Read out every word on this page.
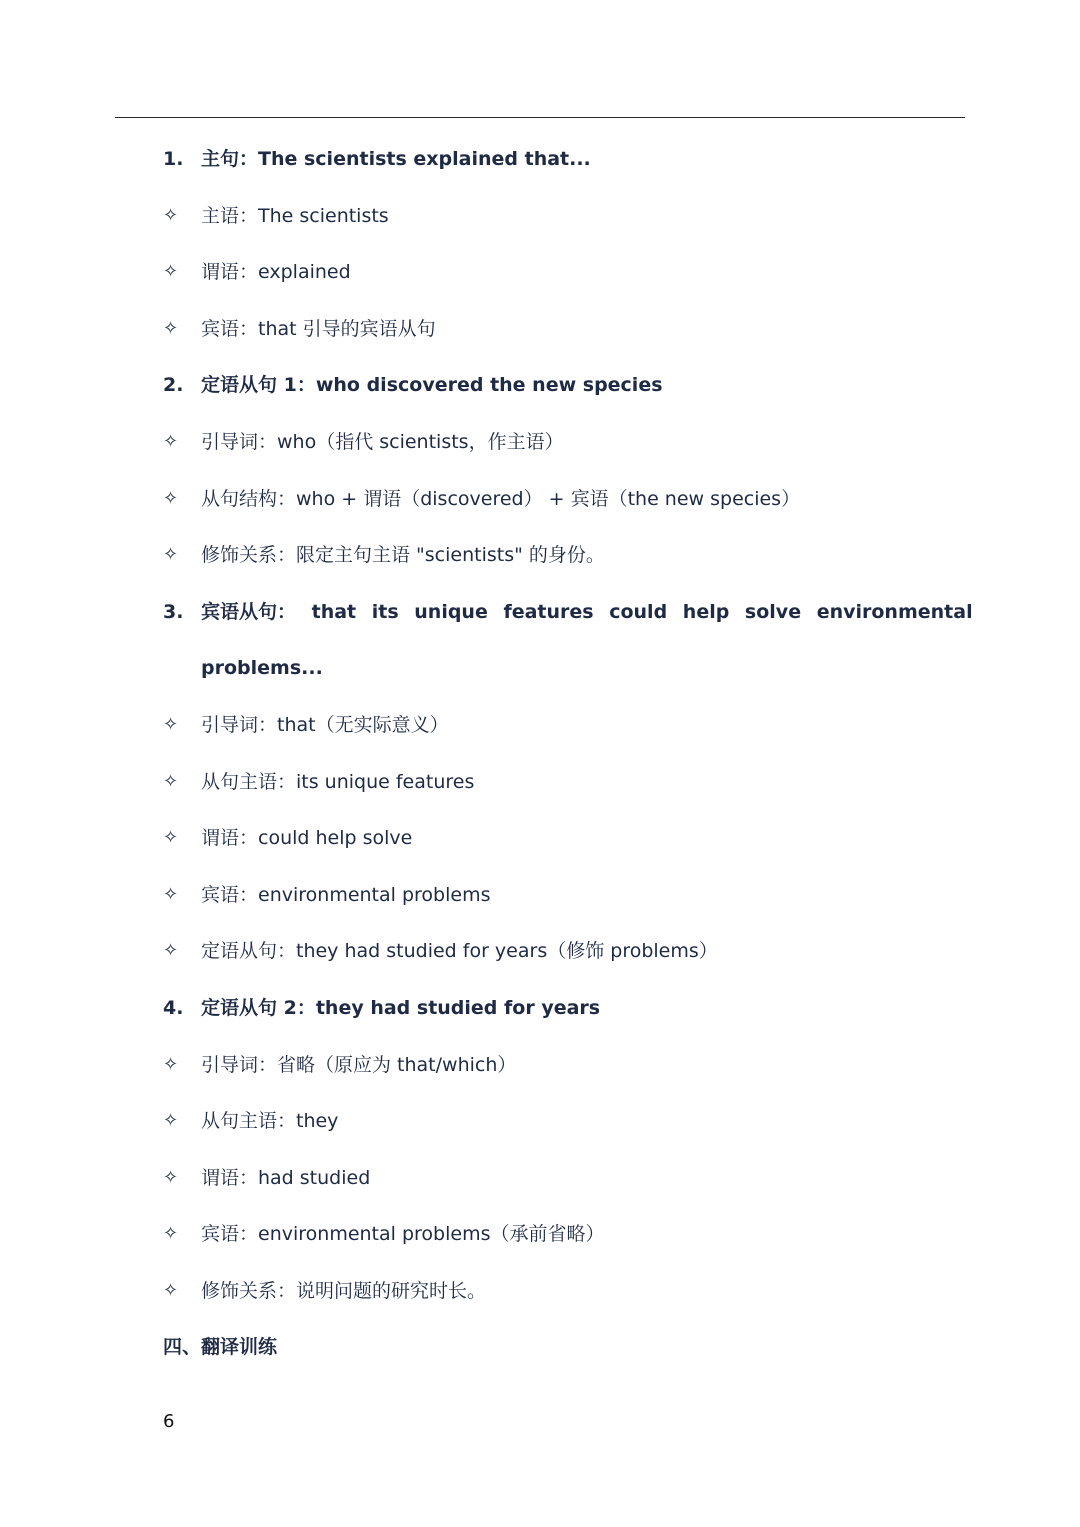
1. 主句：The scientists explained that...
✧	主语：The scientists
✧	谓语：explained
✧	宾语：that 引导的宾语从句
2. 定语从句 1：who discovered the new species
✧	引导词：who（指代 scientists，作主语）
✧	从句结构：who + 谓语（discovered） + 宾语（the new species）
✧	修饰关系：限定主句主语 "scientists" 的身份。
3. 宾语从句： that its unique features could help solve environmental
problems...
✧	引导词：that（无实际意义）
✧	从句主语：its unique features
✧	谓语：could help solve
✧	宾语：environmental problems
✧	定语从句：they had studied for years（修饰 problems）
4. 定语从句 2：they had studied for years
✧	引导词：省略（原应为 that/which）
✧	从句主语：they
✧	谓语：had studied
✧	宾语：environmental problems（承前省略）
✧	修饰关系：说明问题的研究时长。
四、翻译训练
6
